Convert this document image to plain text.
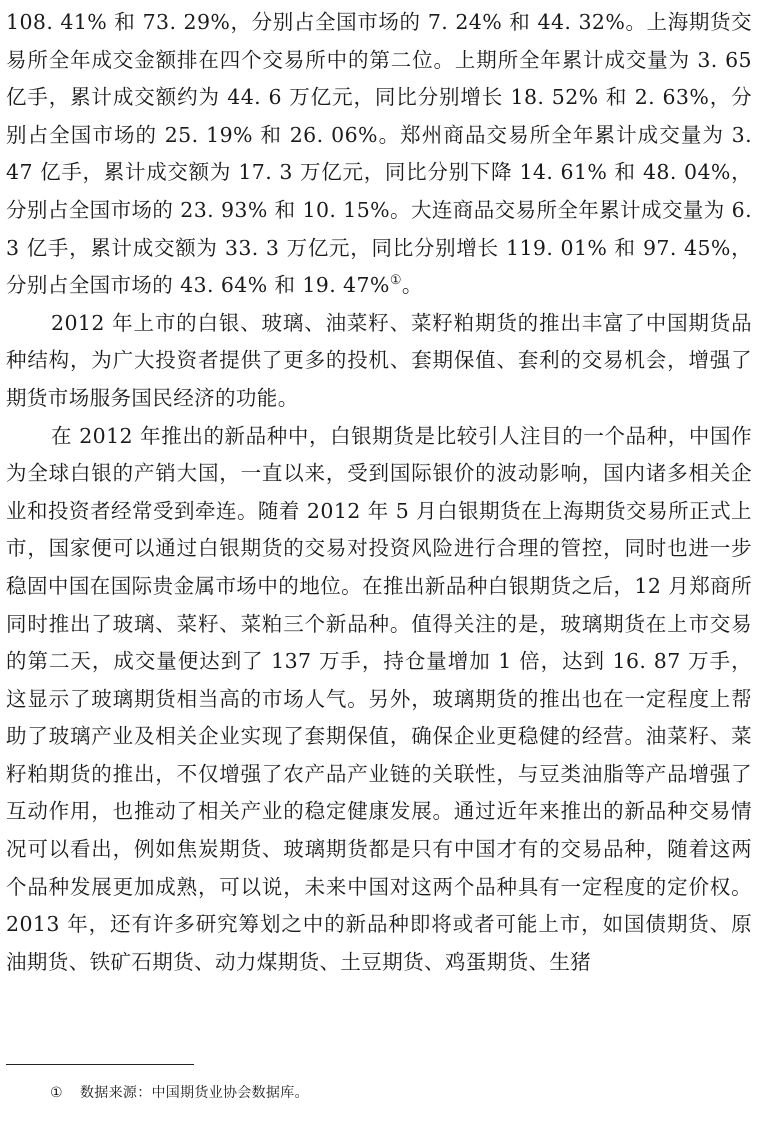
108. 41% 和 73. 29%，分别占全国市场的 7. 24% 和 44. 32%。上海期货交易所全年成交金额排在四个交易所中的第二位。上期所全年累计成交量为 3. 65 亿手，累计成交额约为 44. 6 万亿元，同比分别增长 18. 52% 和 2. 63%，分别占全国市场的 25. 19% 和 26. 06%。郑州商品交易所全年累计成交量为 3. 47 亿手，累计成交额为 17. 3 万亿元，同比分别下降 14. 61% 和 48. 04%，分别占全国市场的 23. 93% 和 10. 15%。大连商品交易所全年累计成交量为 6. 3 亿手，累计成交额为 33. 3 万亿元，同比分别增长 119. 01% 和 97. 45%，分别占全国市场的 43. 64% 和 19. 47%①。

2012 年上市的白银、玻璃、油菜籽、菜籽粕期货的推出丰富了中国期货品种结构，为广大投资者提供了更多的投机、套期保值、套利的交易机会，增强了期货市场服务国民经济的功能。

在 2012 年推出的新品种中，白银期货是比较引人注目的一个品种，中国作为全球白银的产销大国，一直以来，受到国际银价的波动影响，国内诸多相关企业和投资者经常受到牵连。随着 2012 年 5 月白银期货在上海期货交易所正式上市，国家便可以通过白银期货的交易对投资风险进行合理的管控，同时也进一步稳固中国在国际贵金属市场中的地位。在推出新品种白银期货之后，12 月郑商所同时推出了玻璃、菜籽、菜粕三个新品种。值得关注的是，玻璃期货在上市交易的第二天，成交量便达到了 137 万手，持仓量增加 1 倍，达到 16. 87 万手，这显示了玻璃期货相当高的市场人气。另外，玻璃期货的推出也在一定程度上帮助了玻璃产业及相关企业实现了套期保值，确保企业更稳健的经营。油菜籽、菜籽粕期货的推出，不仅增强了农产品产业链的关联性，与豆类油脂等产品增强了互动作用，也推动了相关产业的稳定健康发展。通过近年来推出的新品种交易情况可以看出，例如焦炭期货、玻璃期货都是只有中国才有的交易品种，随着这两个品种发展更加成熟，可以说，未来中国对这两个品种具有一定程度的定价权。2013 年，还有许多研究筹划之中的新品种即将或者可能上市，如国债期货、原油期货、铁矿石期货、动力煤期货、土豆期货、鸡蛋期货、生猪

① 数据来源：中国期货业协会数据库。
